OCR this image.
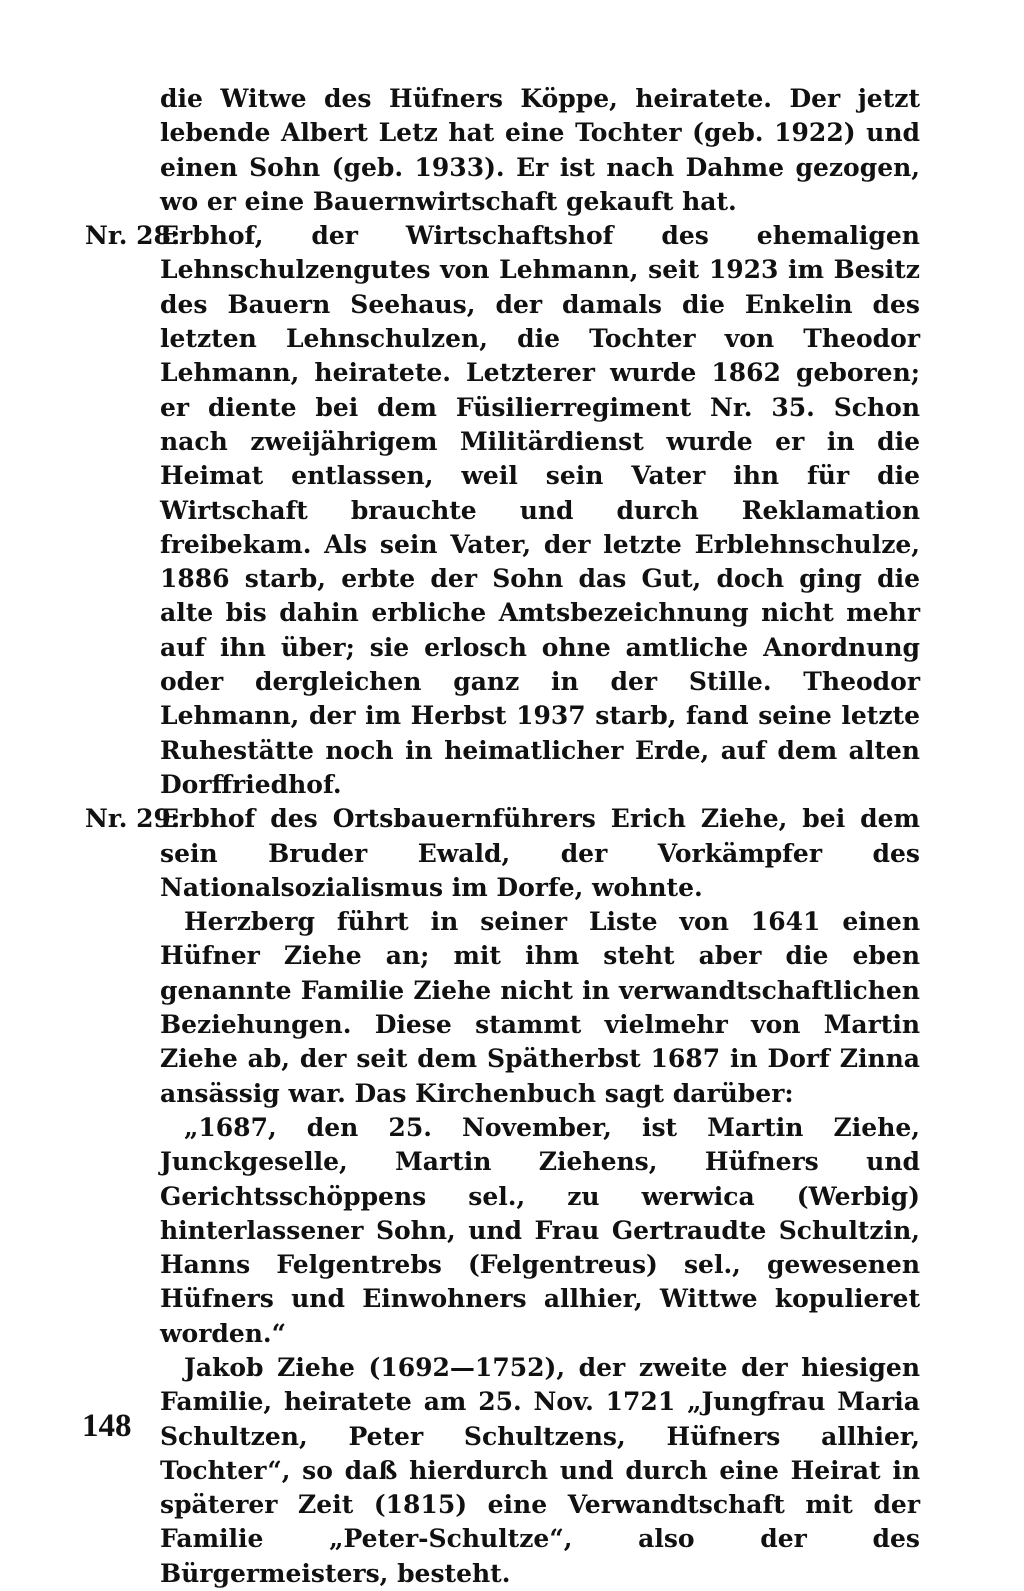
die Witwe des Hüfners Köppe, heiratete. Der jetzt lebende Albert Letz hat eine Tochter (geb. 1922) und einen Sohn (geb. 1933). Er ist nach Dahme gezogen, wo er eine Bauernwirtschaft gekauft hat.

Nr. 28:

Erbhof, der Wirtschaftshof des ehemaligen Lehnschulzengutes von Lehmann, seit 1923 im Besitz des Bauern Seehaus, der damals die Enkelin des letzten Lehnschulzen, die Tochter von Theodor Lehmann, heiratete. Letzterer wurde 1862 geboren; er diente bei dem Füsilierregiment Nr. 35. Schon nach zweijährigem Militärdienst wurde er in die Heimat entlassen, weil sein Vater ihn für die Wirtschaft brauchte und durch Reklamation freibekam. Als sein Vater, der letzte Erblehnschulze, 1886 starb, erbte der Sohn das Gut, doch ging die alte bis dahin erbliche Amtsbezeichnung nicht mehr auf ihn über; sie erlosch ohne amtliche Anordnung oder dergleichen ganz in der Stille. Theodor Lehmann, der im Herbst 1937 starb, fand seine letzte Ruhestätte noch in heimatlicher Erde, auf dem alten Dorffriedhof.

Nr. 29:

Erbhof des Ortsbauernführers Erich Ziehe, bei dem sein Bruder Ewald, der Vorkämpfer des Nationalsozialismus im Dorfe, wohnte.

Herzberg führt in seiner Liste von 1641 einen Hüfner Ziehe an; mit ihm steht aber die eben genannte Familie Ziehe nicht in verwandtschaftlichen Beziehungen. Diese stammt vielmehr von Martin Ziehe ab, der seit dem Spätherbst 1687 in Dorf Zinna ansässig war. Das Kirchenbuch sagt darüber:

„1687, den 25. November, ist Martin Ziehe, Junckgeselle, Martin Ziehens, Hüfners und Gerichtsschöppens sel., zu werwica (Werbig) hinterlassener Sohn, und Frau Gertraudte Schultzin, Hanns Felgentrebs (Felgentreus) sel., gewesenen Hüfners und Einwohners allhier, Wittwe kopulieret worden.“

Jakob Ziehe (1692—1752), der zweite der hiesigen Familie, heiratete am 25. Nov. 1721 „Jungfrau Maria Schultzen, Peter Schultzens, Hüfners allhier, Tochter“, so daß hierdurch und durch eine Heirat in späterer Zeit (1815) eine Verwandtschaft mit der Familie „Peter-Schultze“, also der des Bürgermeisters, besteht.

148
